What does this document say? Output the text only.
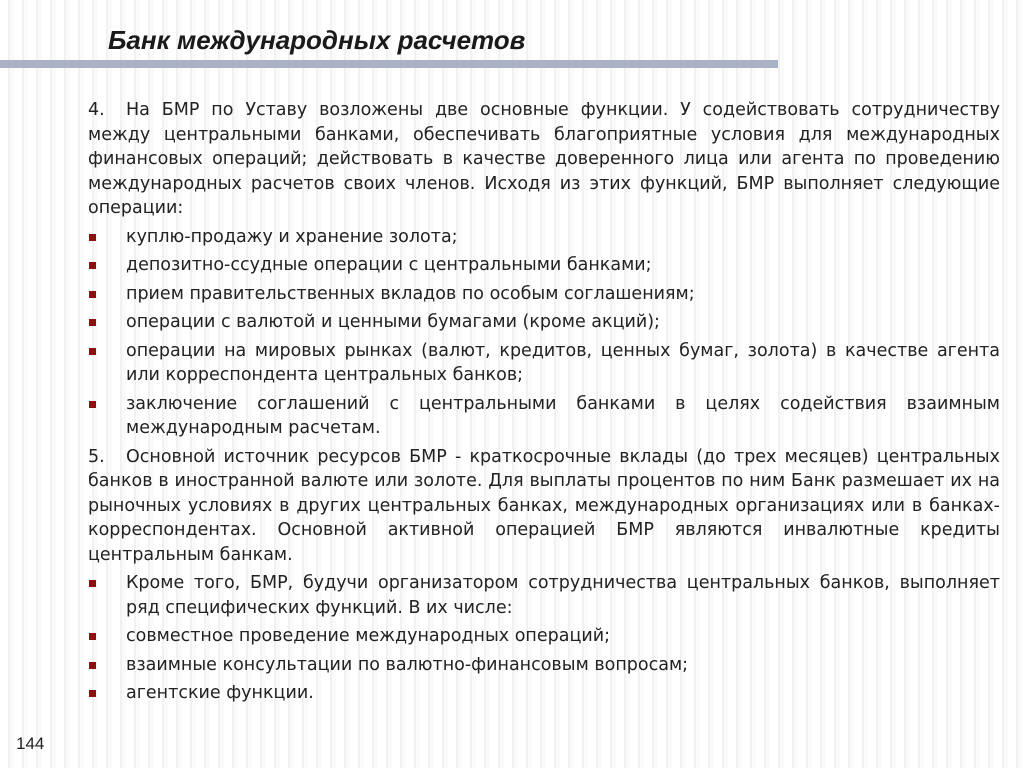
Банк международных расчетов

4. На БМР по Уставу возложены две основные функции. У содействовать сотрудничеству между центральными банками, обеспечивать благоприятные условия для международных финансовых операций; действовать в качестве доверенного лица или агента по проведению международных расчетов своих членов. Исходя из этих функций, БМР выполняет следующие операции:

куплю-продажу и хранение золота;
депозитно-ссудные операции с центральными банками;
прием правительственных вкладов по особым соглашениям;
операции с валютой и ценными бумагами (кроме акций);
операции на мировых рынках (валют, кредитов, ценных бумаг, золота) в качестве агента или корреспондента центральных банков;
заключение соглашений с центральными банками в целях содействия взаимным международным расчетам.

5. Основной источник ресурсов БМР - краткосрочные вклады (до трех месяцев) центральных банков в иностранной валюте или золоте. Для выплаты процентов по ним Банк размешает их на рыночных условиях в других центральных банках, международных организациях или в банках-корреспондентах. Основной активной операцией БМР являются инвалютные кредиты центральным банкам.

Кроме того, БМР, будучи организатором сотрудничества центральных банков, выполняет ряд специфических функций. В их числе:
совместное проведение международных операций;
взаимные консультации по валютно-финансовым вопросам;
агентские функции.
144
